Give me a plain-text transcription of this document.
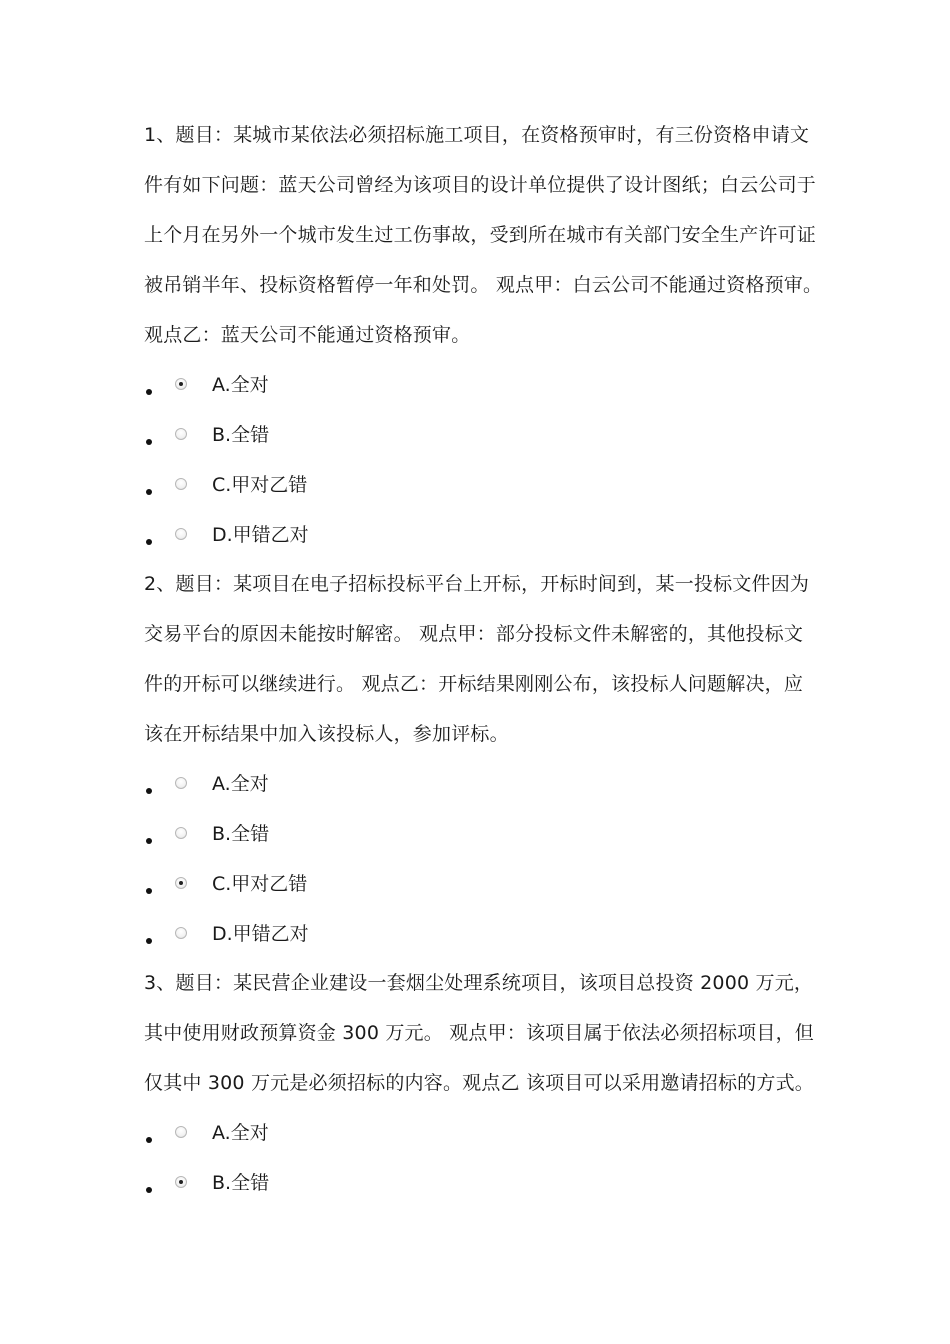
1、题目：某城市某依法必须招标施工项目，在资格预审时，有三份资格申请文
件有如下问题：蓝天公司曾经为该项目的设计单位提供了设计图纸；白云公司于
上个月在另外一个城市发生过工伤事故，受到所在城市有关部门安全生产许可证
被吊销半年、投标资格暂停一年和处罚。 观点甲：白云公司不能通过资格预审。
观点乙：蓝天公司不能通过资格预审。
A.全对
B.全错
C.甲对乙错
D.甲错乙对
2、题目：某项目在电子招标投标平台上开标，开标时间到，某一投标文件因为
交易平台的原因未能按时解密。 观点甲：部分投标文件未解密的，其他投标文
件的开标可以继续进行。 观点乙：开标结果刚刚公布，该投标人问题解决，应
该在开标结果中加入该投标人，参加评标。
A.全对
B.全错
C.甲对乙错
D.甲错乙对
3、题目：某民营企业建设一套烟尘处理系统项目，该项目总投资 2000 万元，
其中使用财政预算资金 300 万元。 观点甲：该项目属于依法必须招标项目，但
仅其中 300 万元是必须招标的内容。观点乙 该项目可以采用邀请招标的方式。
A.全对
B.全错
